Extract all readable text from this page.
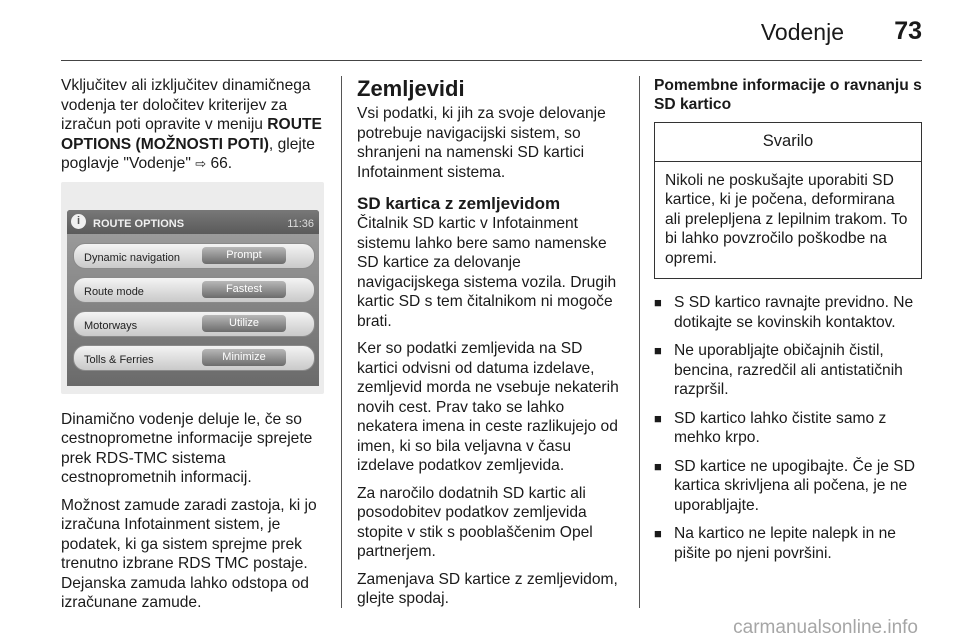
Vodenje 73

Vključitev ali izključitev dinamičnega vodenja ter določitev kriterijev za izračun poti opravite v meniju ROUTE OPTIONS (MOŽNOSTI POTI), glejte poglavje "Vodenje" ⇨ 66.

i	ROUTE OPTIONS	11:36
Dynamic navigation	Prompt
Route mode	Fastest
Motorways	Utilize
Tolls & Ferries	Minimize

Dinamično vodenje deluje le, če so cestnoprometne informacije sprejete prek RDS-TMC sistema cestnoprometnih informacij.

Možnost zamude zaradi zastoja, ki jo izračuna Infotainment sistem, je podatek, ki ga sistem sprejme prek trenutno izbrane RDS TMC postaje. Dejanska zamuda lahko odstopa od izračunane zamude.

Zemljevidi

Vsi podatki, ki jih za svoje delovanje potrebuje navigacijski sistem, so shranjeni na namenski SD kartici Infotainment sistema.

SD kartica z zemljevidom

Čitalnik SD kartic v Infotainment sistemu lahko bere samo namenske SD kartice za delovanje navigacijskega sistema vozila. Drugih kartic SD s tem čitalnikom ni mogoče brati.

Ker so podatki zemljevida na SD kartici odvisni od datuma izdelave, zemljevid morda ne vsebuje nekaterih novih cest. Prav tako se lahko nekatera imena in ceste razlikujejo od imen, ki so bila veljavna v času izdelave podatkov zemljevida.

Za naročilo dodatnih SD kartic ali posodobitev podatkov zemljevida stopite v stik s pooblaščenim Opel partnerjem.

Zamenjava SD kartice z zemljevidom, glejte spodaj.

Pomembne informacije o ravnanju s SD kartico
Svarilo
Nikoli ne poskušajte uporabiti SD kartice, ki je počena, deformirana ali prelepljena z lepilnim trakom. To bi lahko povzročilo poškodbe na opremi.
■ S SD kartico ravnajte previdno. Ne dotikajte se kovinskih kontaktov.
■ Ne uporabljajte običajnih čistil, bencina, razredčil ali antistatičnih razpršil.
■ SD kartico lahko čistite samo z mehko krpo.
■ SD kartice ne upogibajte. Če je SD kartica skrivljena ali počena, je ne uporabljajte.
■ Na kartico ne lepite nalepk in ne pišite po njeni površini.
carmanualsonline.info
